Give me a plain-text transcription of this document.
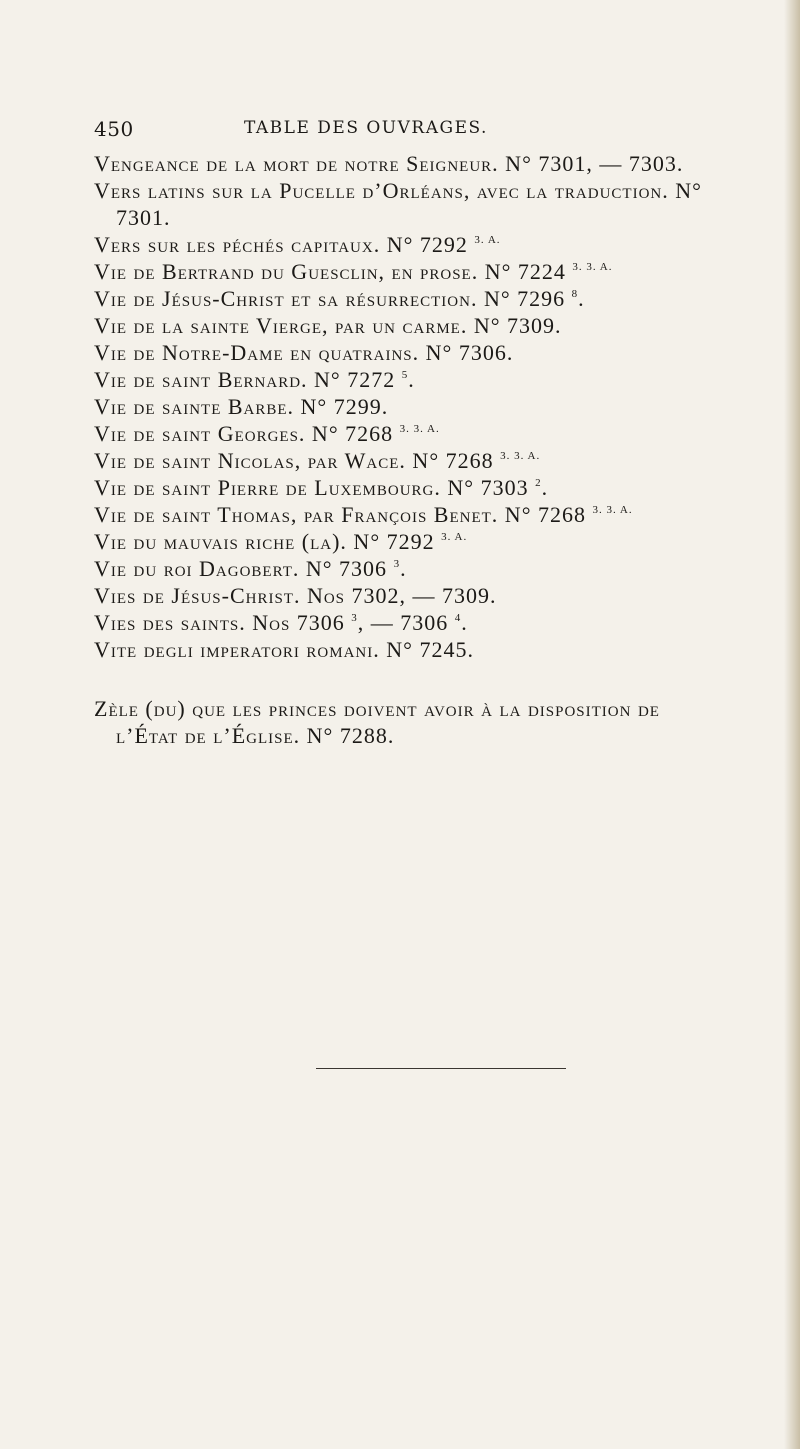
450	TABLE DES OUVRAGES.

Vengeance de la mort de notre Seigneur. N° 7301, — 7303.

Vers latins sur la Pucelle d’Orléans, avec la traduction. N° 7301.

Vers sur les péchés capitaux. N° 7292 $^{3. A.}$

Vie de Bertrand du Guesclin, en prose. N° 7224 $^{3. 3. A.}$

Vie de Jésus-Christ et sa résurrection. N° 7296 $^8$.

Vie de la sainte Vierge, par un carme. N° 7309.

Vie de Notre-Dame en quatrains. N° 7306.

Vie de saint Bernard. N° 7272 $^5$.

Vie de sainte Barbe. N° 7299.

Vie de saint Georges. N° 7268 $^{3. 3. A.}$

Vie de saint Nicolas, par Wace. N° 7268 $^{3. 3. A.}$

Vie de saint Pierre de Luxembourg. N° 7303 $^2$.

Vie de saint Thomas, par François Benet. N° 7268 $^{3. 3. A.}$

Vie du mauvais riche (la). N° 7292 $^{3. A.}$

Vie du roi Dagobert. N° 7306 $^3$.

Vies de Jésus-Christ. Nos 7302, — 7309.

Vies des saints. Nos 7306 $^3$, — 7306 $^4$.

Vite degli imperatori romani. N° 7245.

Zèle (du) que les princes doivent avoir à la disposition de l’État de l’Église. N° 7288.
